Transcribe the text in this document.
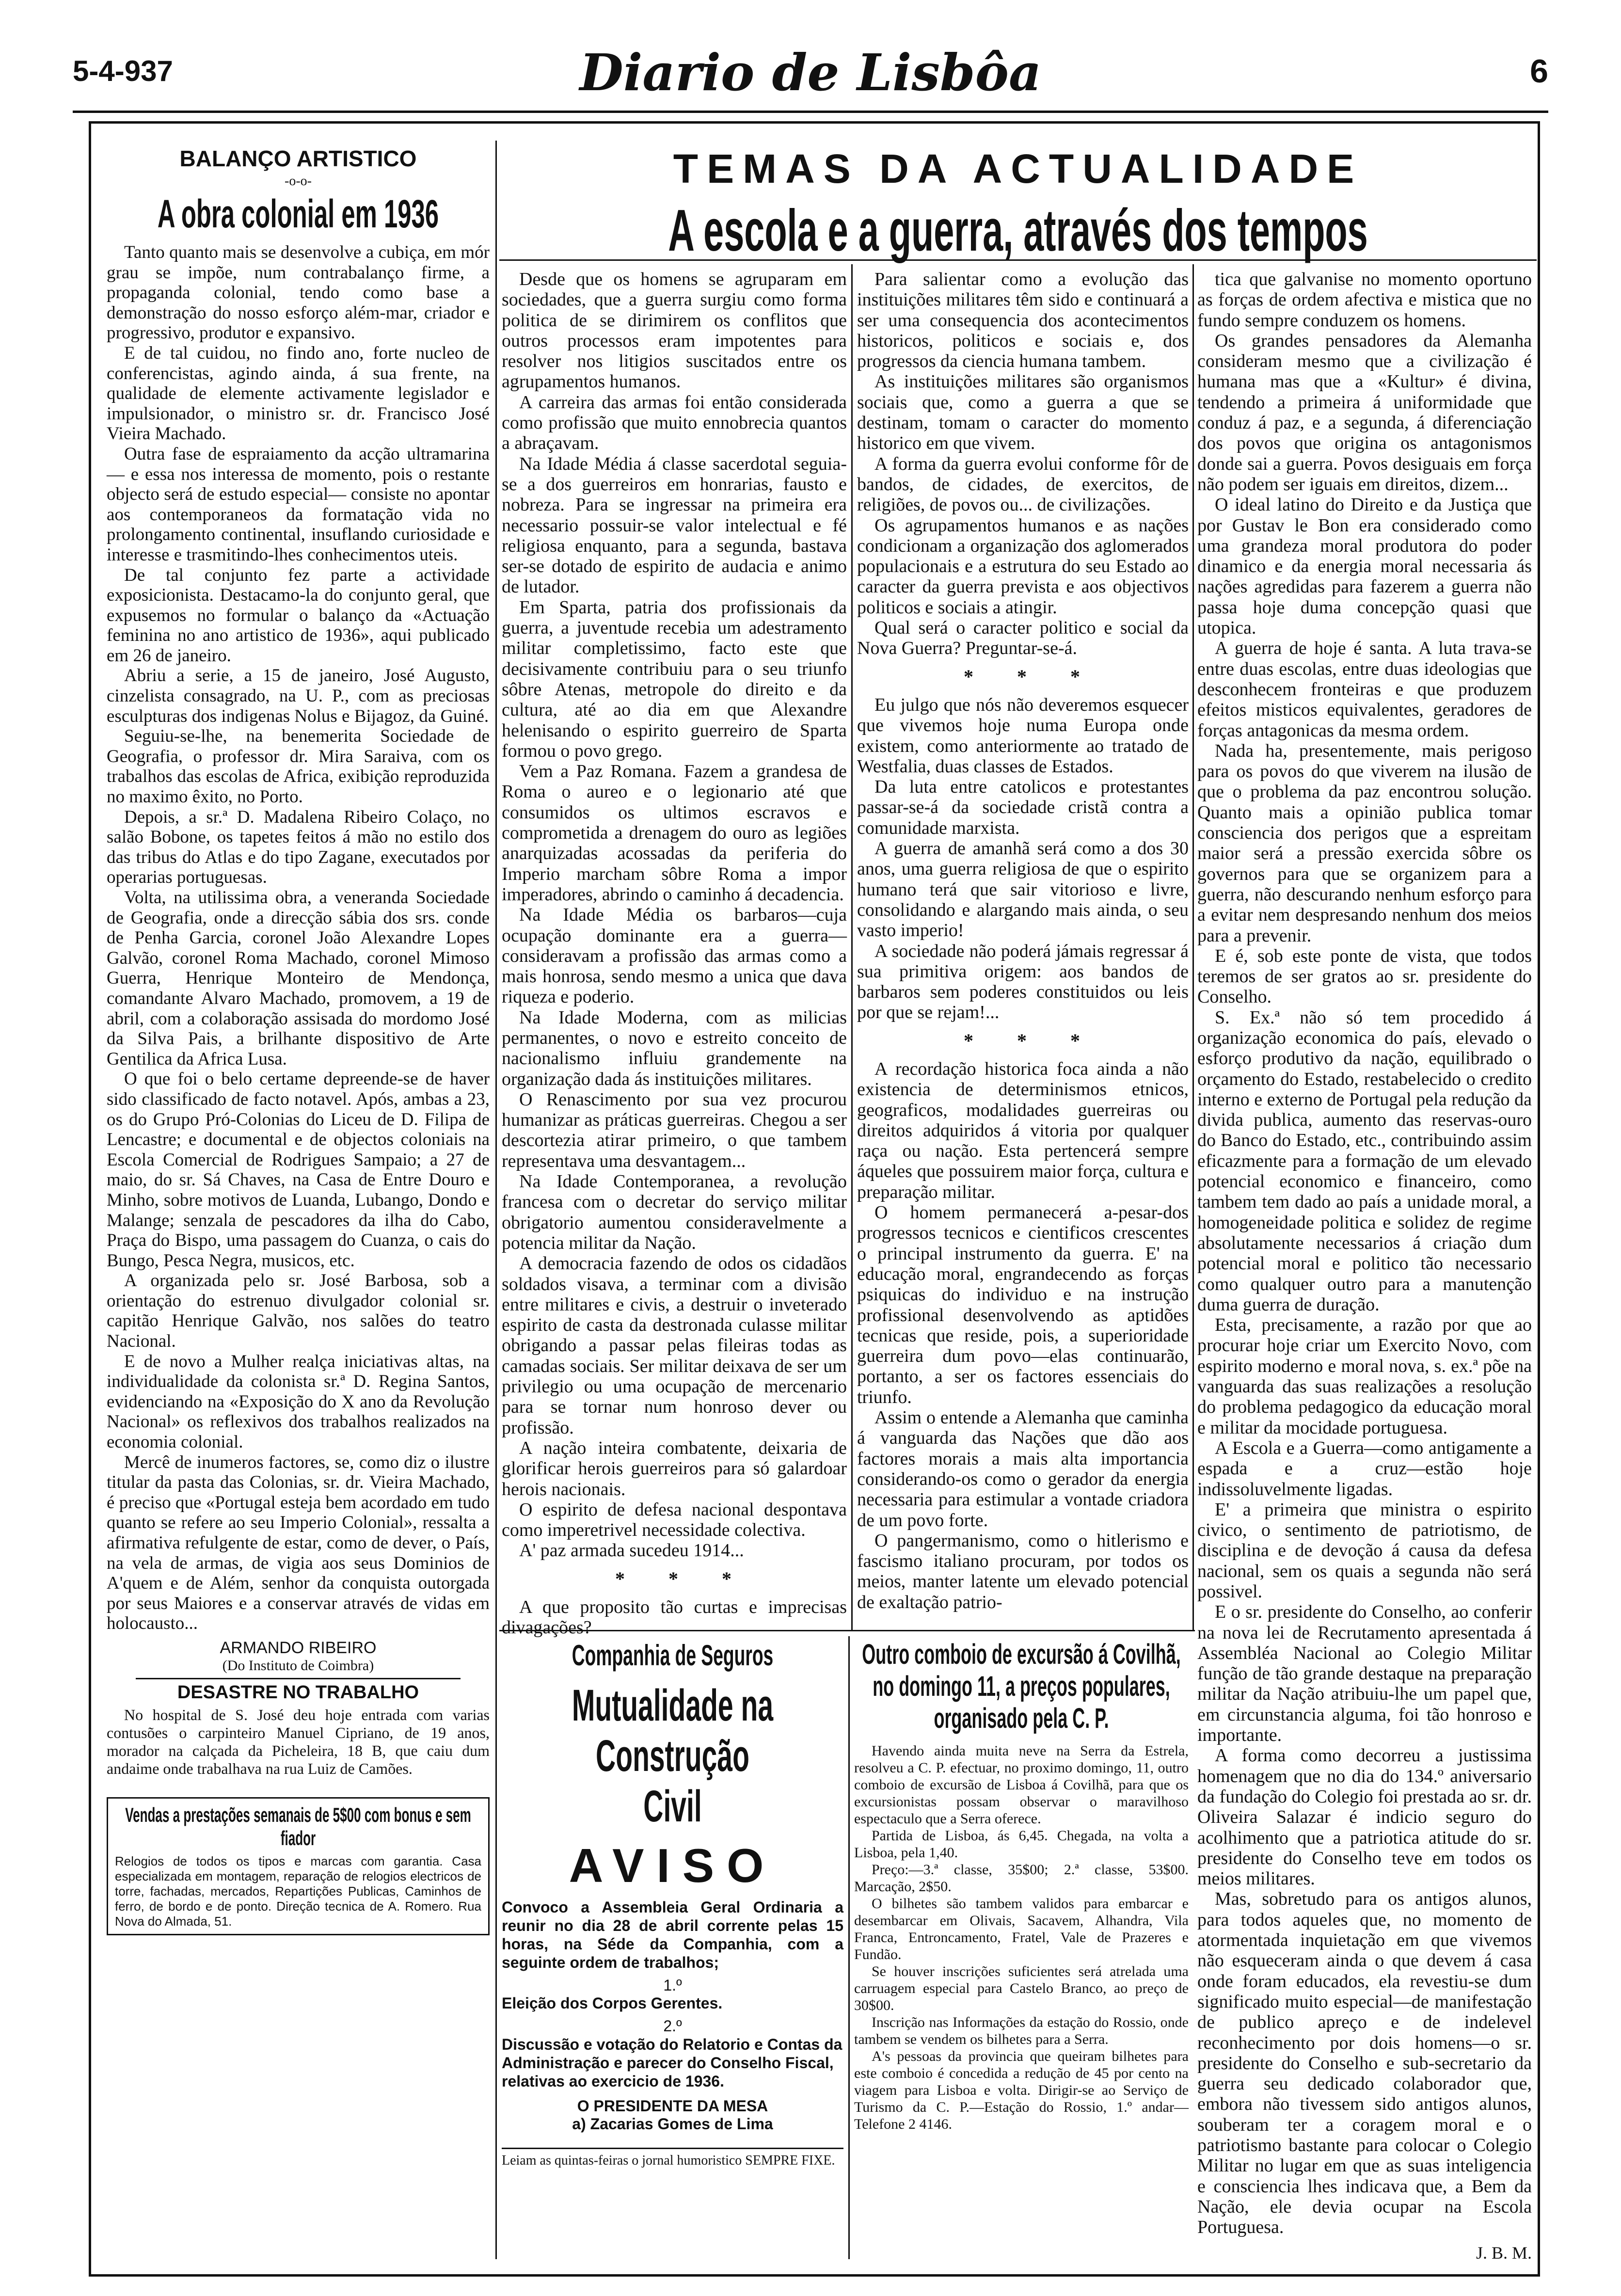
5-4-937	Diario de Lisbôa	6
BALANÇO ARTISTICO
-o-o-
A obra colonial em 1936

Tanto quanto mais se desenvolve a cubiça, em mór grau se impõe, num contrabalanço firme, a propaganda colonial, tendo como base a demonstração do nosso esforço além-mar, criador e progressivo, produtor e expansivo.

E de tal cuidou, no findo ano, forte nucleo de conferencistas, agindo ainda, á sua frente, na qualidade de elemente activamente legislador e impulsionador, o ministro sr. dr. Francisco José Vieira Machado.

Outra fase de espraiamento da acção ultramarina — e essa nos interessa de momento, pois o restante objecto será de estudo especial— consiste no apontar aos contemporaneos da formatação vida no prolongamento continental, insuflando curiosidade e interesse e trasmitindo-lhes conhecimentos uteis.

De tal conjunto fez parte a actividade exposicionista. Destacamo-la do conjunto geral, que expusemos no formular o balanço da «Actuação feminina no ano artistico de 1936», aqui publicado em 26 de janeiro.

Abriu a serie, a 15 de janeiro, José Augusto, cinzelista consagrado, na U. P., com as preciosas esculpturas dos indigenas Nolus e Bijagoz, da Guiné.

Seguiu-se-lhe, na benemerita Sociedade de Geografia, o professor dr. Mira Saraiva, com os trabalhos das escolas de Africa, exibição reproduzida no maximo êxito, no Porto.

Depois, a sr.ª D. Madalena Ribeiro Colaço, no salão Bobone, os tapetes feitos á mão no estilo dos das tribus do Atlas e do tipo Zagane, executados por operarias portuguesas.

Volta, na utilissima obra, a veneranda Sociedade de Geografia, onde a direcção sábia dos srs. conde de Penha Garcia, coronel João Alexandre Lopes Galvão, coronel Roma Machado, coronel Mimoso Guerra, Henrique Monteiro de Mendonça, comandante Alvaro Machado, promovem, a 19 de abril, com a colaboração assisada do mordomo José da Silva Pais, a brilhante dispositivo de Arte Gentilica da Africa Lusa.

O que foi o belo certame depreende-se de haver sido classificado de facto notavel. Após, ambas a 23, os do Grupo Pró-Colonias do Liceu de D. Filipa de Lencastre; e documental e de objectos coloniais na Escola Comercial de Rodrigues Sampaio; a 27 de maio, do sr. Sá Chaves, na Casa de Entre Douro e Minho, sobre motivos de Luanda, Lubango, Dondo e Malange; senzala de pescadores da ilha do Cabo, Praça do Bispo, uma passagem do Cuanza, o cais do Bungo, Pesca Negra, musicos, etc.

A organizada pelo sr. José Barbosa, sob a orientação do estrenuo divulgador colonial sr. capitão Henrique Galvão, nos salões do teatro Nacional.

E de novo a Mulher realça iniciativas altas, na individualidade da colonista sr.ª D. Regina Santos, evidenciando na «Exposição do X ano da Revolução Nacional» os reflexivos dos trabalhos realizados na economia colonial.

Mercê de inumeros factores, se, como diz o ilustre titular da pasta das Colonias, sr. dr. Vieira Machado, é preciso que «Portugal esteja bem acordado em tudo quanto se refere ao seu Imperio Colonial», ressalta a afirmativa refulgente de estar, como de dever, o País, na vela de armas, de vigia aos seus Dominios de A'quem e de Além, senhor da conquista outorgada por seus Maiores e a conservar através de vidas em holocausto...

ARMANDO RIBEIRO
(Do Instituto de Coimbra)
DESASTRE NO TRABALHO
No hospital de S. José deu hoje entrada com varias contusões o carpinteiro Manuel Cipriano, de 19 anos, morador na calçada da Picheleira, 18 B, que caiu dum andaime onde trabalhava na rua Luiz de Camões.
Vendas a prestações semanais de 5$00 com bonus e sem fiador
Relogios de todos os tipos e marcas com garantia. Casa especializada em montagem, reparação de relogios electricos de torre, fachadas, mercados, Repartições Publicas, Caminhos de ferro, de bordo e de ponto. Direção tecnica de A. Romero. Rua Nova do Almada, 51.
TEMAS DA ACTUALIDADE
A escola e a guerra, através dos tempos

Desde que os homens se agruparam em sociedades, que a guerra surgiu como forma politica de se dirimirem os conflitos que outros processos eram impotentes para resolver nos litigios suscitados entre os agrupamentos humanos.

A carreira das armas foi então considerada como profissão que muito ennobrecia quantos a abraçavam.

Na Idade Média á classe sacerdotal seguia-se a dos guerreiros em honrarias, fausto e nobreza. Para se ingressar na primeira era necessario possuir-se valor intelectual e fé religiosa enquanto, para a segunda, bastava ser-se dotado de espirito de audacia e animo de lutador.

Em Sparta, patria dos profissionais da guerra, a juventude recebia um adestramento militar completissimo, facto este que decisivamente contribuiu para o seu triunfo sôbre Atenas, metropole do direito e da cultura, até ao dia em que Alexandre helenisando o espirito guerreiro de Sparta formou o povo grego.

Vem a Paz Romana. Fazem a grandesa de Roma o aureo e o legionario até que consumidos os ultimos escravos e comprometida a drenagem do ouro as legiões anarquizadas acossadas da periferia do Imperio marcham sôbre Roma a impor imperadores, abrindo o caminho á decadencia.

Na Idade Média os barbaros—cuja ocupação dominante era a guerra—consideravam a profissão das armas como a mais honrosa, sendo mesmo a unica que dava riqueza e poderio.

Na Idade Moderna, com as milicias permanentes, o novo e estreito conceito de nacionalismo influiu grandemente na organização dada ás instituições militares.

O Renascimento por sua vez procurou humanizar as práticas guerreiras. Chegou a ser descortezia atirar primeiro, o que tambem representava uma desvantagem...

Na Idade Contemporanea, a revolução francesa com o decretar do serviço militar obrigatorio aumentou consideravelmente a potencia militar da Nação.

A democracia fazendo de odos os cidadãos soldados visava, a terminar com a divisão entre militares e civis, a destruir o inveterado espirito de casta da destronada culasse militar obrigando a passar pelas fileiras todas as camadas sociais. Ser militar deixava de ser um privilegio ou uma ocupação de mercenario para se tornar num honroso dever ou profissão.

A nação inteira combatente, deixaria de glorificar herois guerreiros para só galardoar herois nacionais.

O espirito de defesa nacional despontava como imperetrivel necessidade colectiva.

A' paz armada sucedeu 1914...

* * *

A que proposito tão curtas e imprecisas divagações?

Para salientar como a evolução das instituições militares têm sido e continuará a ser uma consequencia dos acontecimentos historicos, politicos e sociais e, dos progressos da ciencia humana tambem.

As instituições militares são organismos sociais que, como a guerra a que se destinam, tomam o caracter do momento historico em que vivem.

A forma da guerra evolui conforme fôr de bandos, de cidades, de exercitos, de religiões, de povos ou... de civilizações.

Os agrupamentos humanos e as nações condicionam a organização dos aglomerados populacionais e a estrutura do seu Estado ao caracter da guerra prevista e aos objectivos politicos e sociais a atingir.

Qual será o caracter politico e social da Nova Guerra? Preguntar-se-á.

* * *

Eu julgo que nós não deveremos esquecer que vivemos hoje numa Europa onde existem, como anteriormente ao tratado de Westfalia, duas classes de Estados.

Da luta entre catolicos e protestantes passar-se-á da sociedade cristã contra a comunidade marxista.

A guerra de amanhã será como a dos 30 anos, uma guerra religiosa de que o espirito humano terá que sair vitorioso e livre, consolidando e alargando mais ainda, o seu vasto imperio!

A sociedade não poderá jámais regressar á sua primitiva origem: aos bandos de barbaros sem poderes constituidos ou leis por que se rejam!...

* * *

A recordação historica foca ainda a não existencia de determinismos etnicos, geograficos, modalidades guerreiras ou direitos adquiridos á vitoria por qualquer raça ou nação. Esta pertencerá sempre áqueles que possuirem maior força, cultura e preparação militar.

O homem permanecerá a-pesar-dos progressos tecnicos e cientificos crescentes o principal instrumento da guerra. E' na educação moral, engrandecendo as forças psiquicas do individuo e na instrução profissional desenvolvendo as aptidões tecnicas que reside, pois, a superioridade guerreira dum povo—elas continuarão, portanto, a ser os factores essenciais do triunfo.

Assim o entende a Alemanha que caminha á vanguarda das Nações que dão aos factores morais a mais alta importancia considerando-os como o gerador da energia necessaria para estimular a vontade criadora de um povo forte.

O pangermanismo, como o hitlerismo e fascismo italiano procuram, por todos os meios, manter latente um elevado potencial de exaltação patrio-

tica que galvanise no momento oportuno as forças de ordem afectiva e mistica que no fundo sempre conduzem os homens.

Os grandes pensadores da Alemanha consideram mesmo que a civilização é humana mas que a «Kultur» é divina, tendendo a primeira á uniformidade que conduz á paz, e a segunda, á diferenciação dos povos que origina os antagonismos donde sai a guerra. Povos desiguais em força não podem ser iguais em direitos, dizem...

O ideal latino do Direito e da Justiça que por Gustav le Bon era considerado como uma grandeza moral produtora do poder dinamico e da energia moral necessaria ás nações agredidas para fazerem a guerra não passa hoje duma concepção quasi que utopica.

A guerra de hoje é santa. A luta trava-se entre duas escolas, entre duas ideologias que desconhecem fronteiras e que produzem efeitos misticos equivalentes, geradores de forças antagonicas da mesma ordem.

Nada ha, presentemente, mais perigoso para os povos do que viverem na ilusão de que o problema da paz encontrou solução. Quanto mais a opinião publica tomar consciencia dos perigos que a espreitam maior será a pressão exercida sôbre os governos para que se organizem para a guerra, não descurando nenhum esforço para a evitar nem despresando nenhum dos meios para a prevenir.

E é, sob este ponte de vista, que todos teremos de ser gratos ao sr. presidente do Conselho.

S. Ex.ª não só tem procedido á organização economica do país, elevado o esforço produtivo da nação, equilibrado o orçamento do Estado, restabelecido o credito interno e externo de Portugal pela redução da divida publica, aumento das reservas-ouro do Banco do Estado, etc., contribuindo assim eficazmente para a formação de um elevado potencial economico e financeiro, como tambem tem dado ao país a unidade moral, a homogeneidade politica e solidez de regime absolutamente necessarios á criação dum potencial moral e politico tão necessario como qualquer outro para a manutenção duma guerra de duração.

Esta, precisamente, a razão por que ao procurar hoje criar um Exercito Novo, com espirito moderno e moral nova, s. ex.ª põe na vanguarda das suas realizações a resolução do problema pedagogico da educação moral e militar da mocidade portuguesa.

A Escola e a Guerra—como antigamente a espada e a cruz—estão hoje indissoluvelmente ligadas.

E' a primeira que ministra o espirito civico, o sentimento de patriotismo, de disciplina e de devoção á causa da defesa nacional, sem os quais a segunda não será possivel.

E o sr. presidente do Conselho, ao conferir na nova lei de Recrutamento apresentada á Assembléa Nacional ao Colegio Militar função de tão grande destaque na preparação militar da Nação atribuiu-lhe um papel que, em circunstancia alguma, foi tão honroso e importante.

A forma como decorreu a justissima homenagem que no dia do 134.º aniversario da fundação do Colegio foi prestada ao sr. dr. Oliveira Salazar é indicio seguro do acolhimento que a patriotica atitude do sr. presidente do Conselho teve em todos os meios militares.

Mas, sobretudo para os antigos alunos, para todos aqueles que, no momento de atormentada inquietação em que vivemos não esqueceram ainda o que devem á casa onde foram educados, ela revestiu-se dum significado muito especial—de manifestação de publico apreço e de indelevel reconhecimento por dois homens—o sr. presidente do Conselho e sub-secretario da guerra seu dedicado colaborador que, embora não tivessem sido antigos alunos, souberam ter a coragem moral e o patriotismo bastante para colocar o Colegio Militar no lugar em que as suas inteligencia e consciencia lhes indicava que, a Bem da Nação, ele devia ocupar na Escola Portuguesa.

J. B. M.
Companhia de Seguros
Mutualidade na Construção
Civil
AVISO
Convoco a Assembleia Geral Ordinaria a reunir no dia 28 de abril corrente pelas 15 horas, na Séde da Companhia, com a seguinte ordem de trabalhos;
1.º
Eleição dos Corpos Gerentes.
2.º
Discussão e votação do Relatorio e Contas da Administração e parecer do Conselho Fiscal, relativas ao exercicio de 1936.
O PRESIDENTE DA MESA
a) Zacarias Gomes de Lima
Leiam as quintas-feiras o jornal humoristico SEMPRE FIXE.
Outro comboio de excursão á Covilhã, no domingo 11, a preços populares, organisado pela C. P.

Havendo ainda muita neve na Serra da Estrela, resolveu a C. P. efectuar, no proximo domingo, 11, outro comboio de excursão de Lisboa á Covilhã, para que os excursionistas possam observar o maravilhoso espectaculo que a Serra oferece.

Partida de Lisboa, ás 6,45. Chegada, na volta a Lisboa, pela 1,40.

Preço:—3.ª classe, 35$00; 2.ª classe, 53$00. Marcação, 2$50.

O bilhetes são tambem validos para embarcar e desembarcar em Olivais, Sacavem, Alhandra, Vila Franca, Entroncamento, Fratel, Vale de Prazeres e Fundão.

Se houver inscrições suficientes será atrelada uma carruagem especial para Castelo Branco, ao preço de 30$00.

Inscrição nas Informações da estação do Rossio, onde tambem se vendem os bilhetes para a Serra.

A's pessoas da provincia que queiram bilhetes para este comboio é concedida a redução de 45 por cento na viagem para Lisboa e volta. Dirigir-se ao Serviço de Turismo da C. P.—Estação do Rossio, 1.º andar—Telefone 2 4146.
